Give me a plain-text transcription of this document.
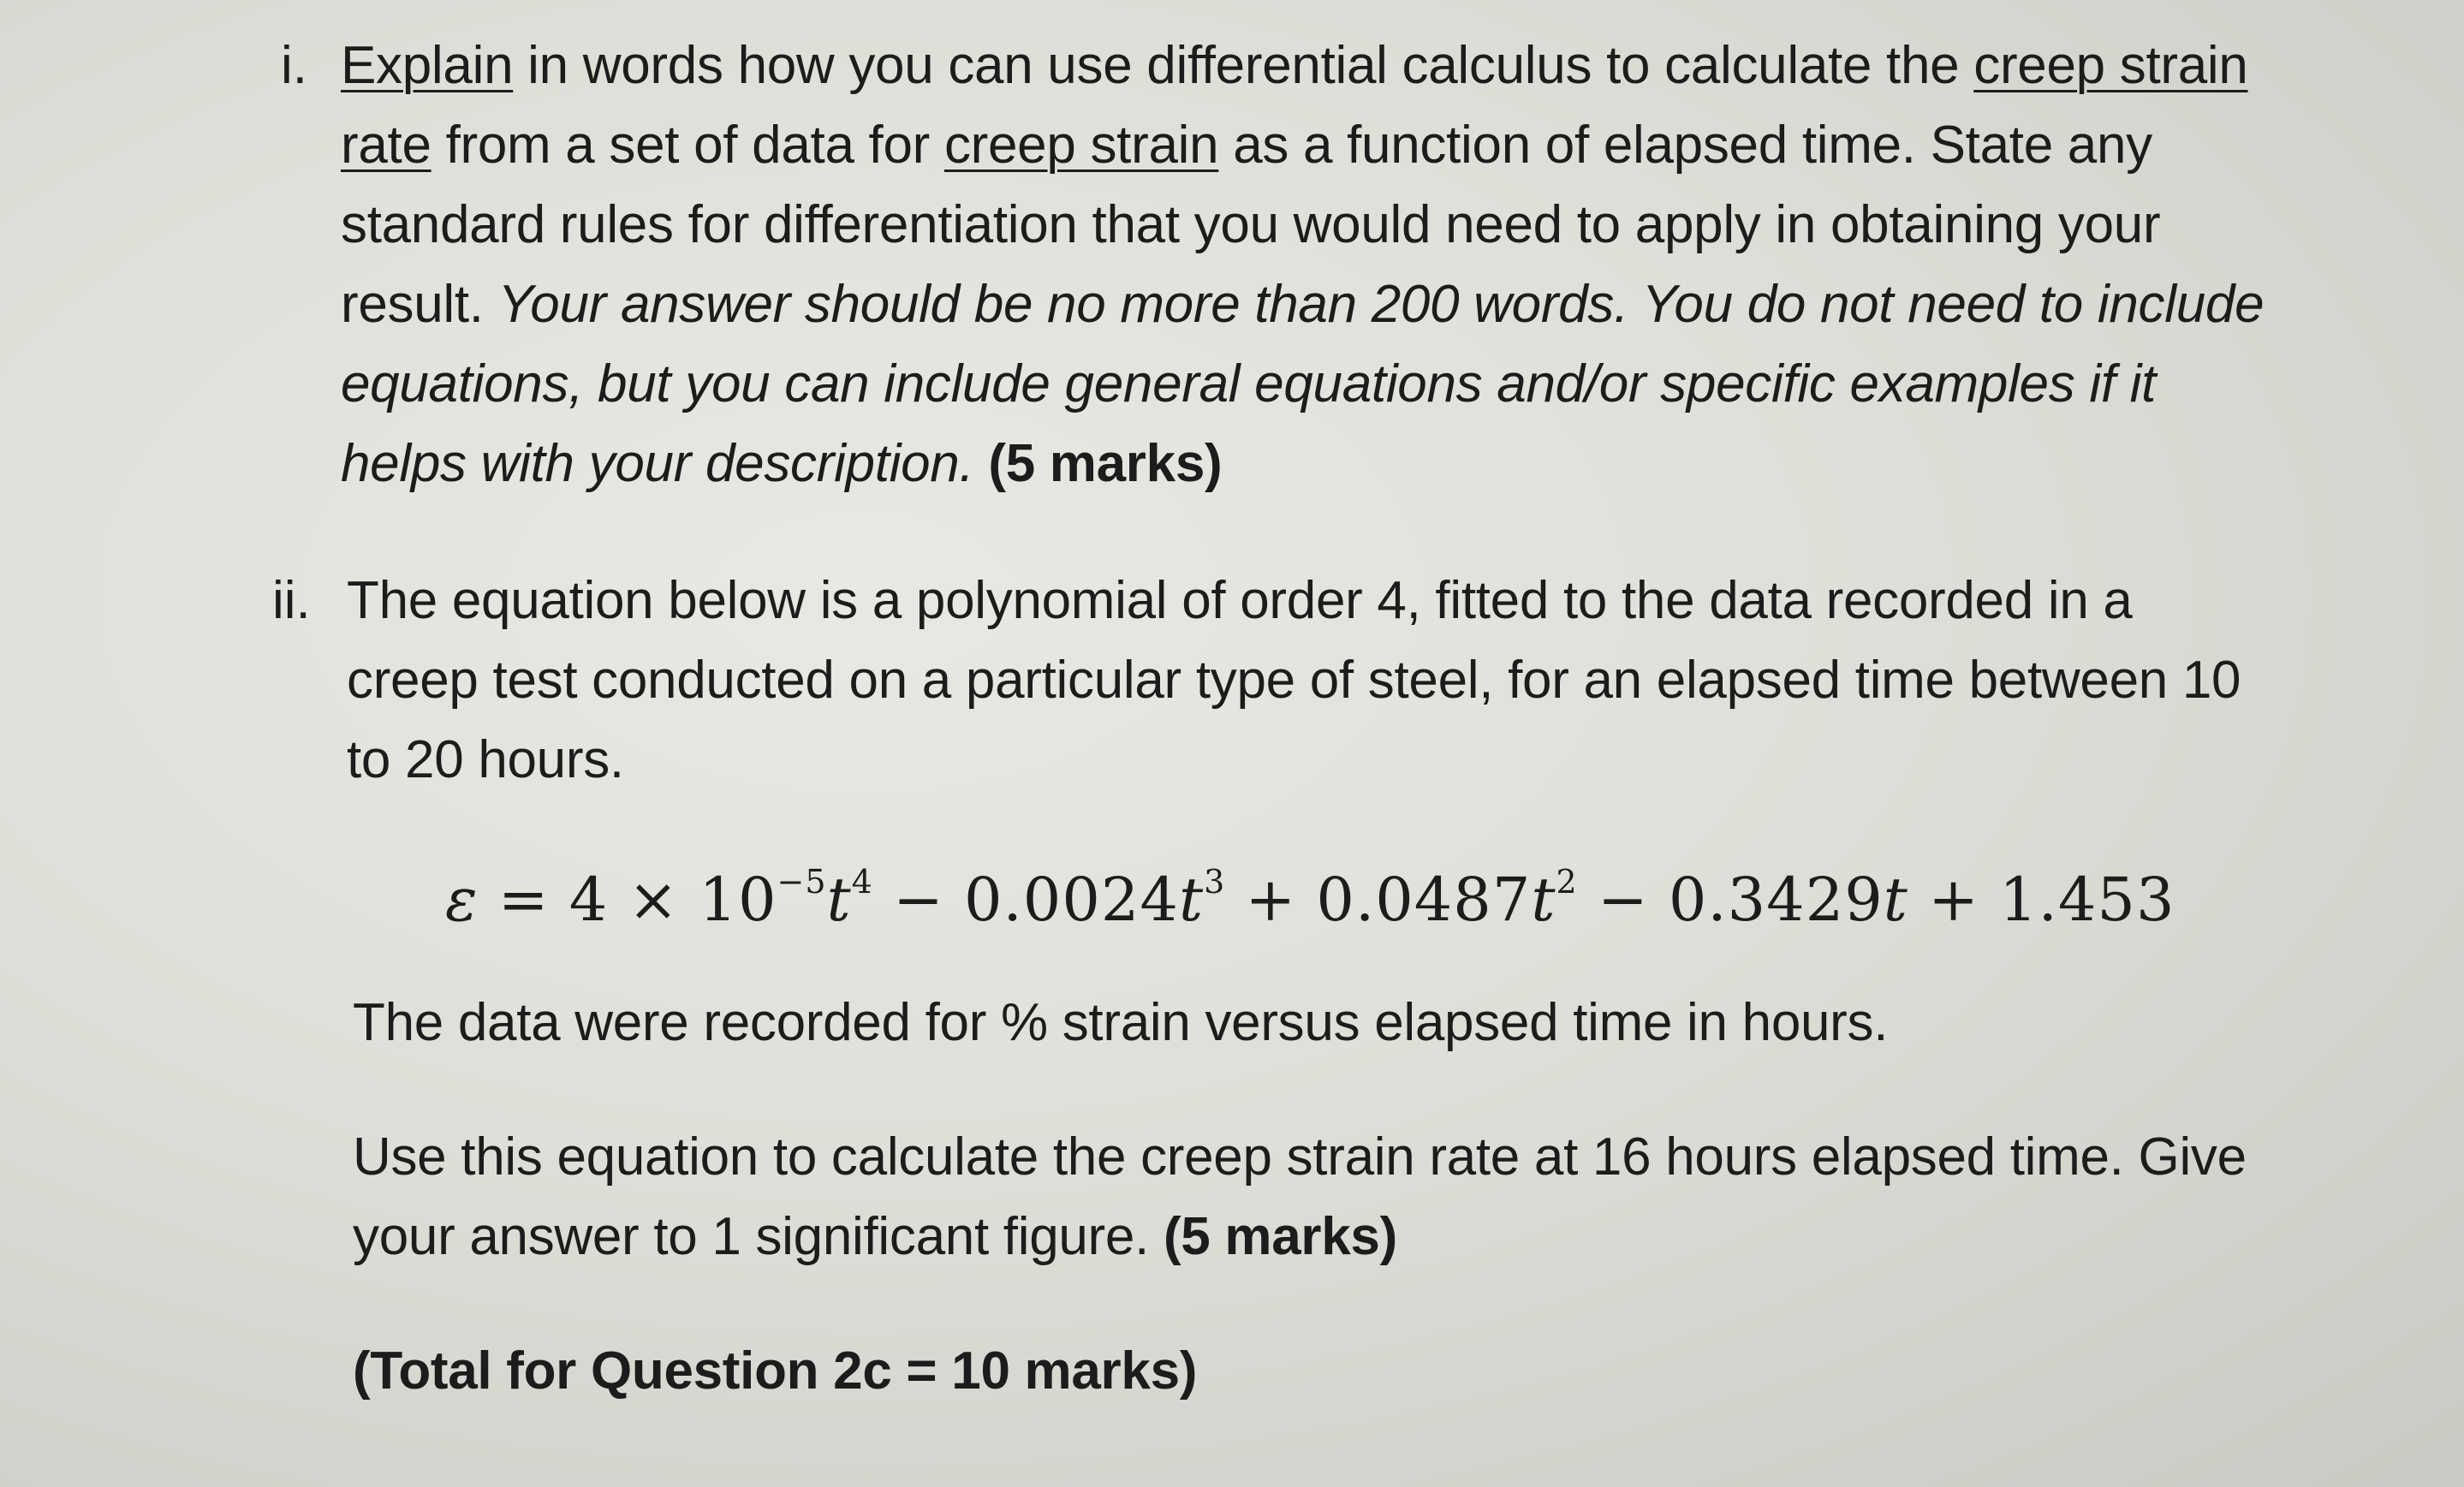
i. Explain in words how you can use differential calculus to calculate the creep strain
rate from a set of data for creep strain as a function of elapsed time. State any
standard rules for differentiation that you would need to apply in obtaining your
result. Your answer should be no more than 200 words. You do not need to include
equations, but you can include general equations and/or specific examples if it
helps with your description. (5 marks)
ii. The equation below is a polynomial of order 4, fitted to the data recorded in a
creep test conducted on a particular type of steel, for an elapsed time between 10
to 20 hours.
$\varepsilon = 4 \times 10^{-5}t^4 - 0.0024t^3 + 0.0487t^2 - 0.3429t + 1.453$
The data were recorded for % strain versus elapsed time in hours.
Use this equation to calculate the creep strain rate at 16 hours elapsed time. Give
your answer to 1 significant figure. (5 marks)
(Total for Question 2c = 10 marks)
